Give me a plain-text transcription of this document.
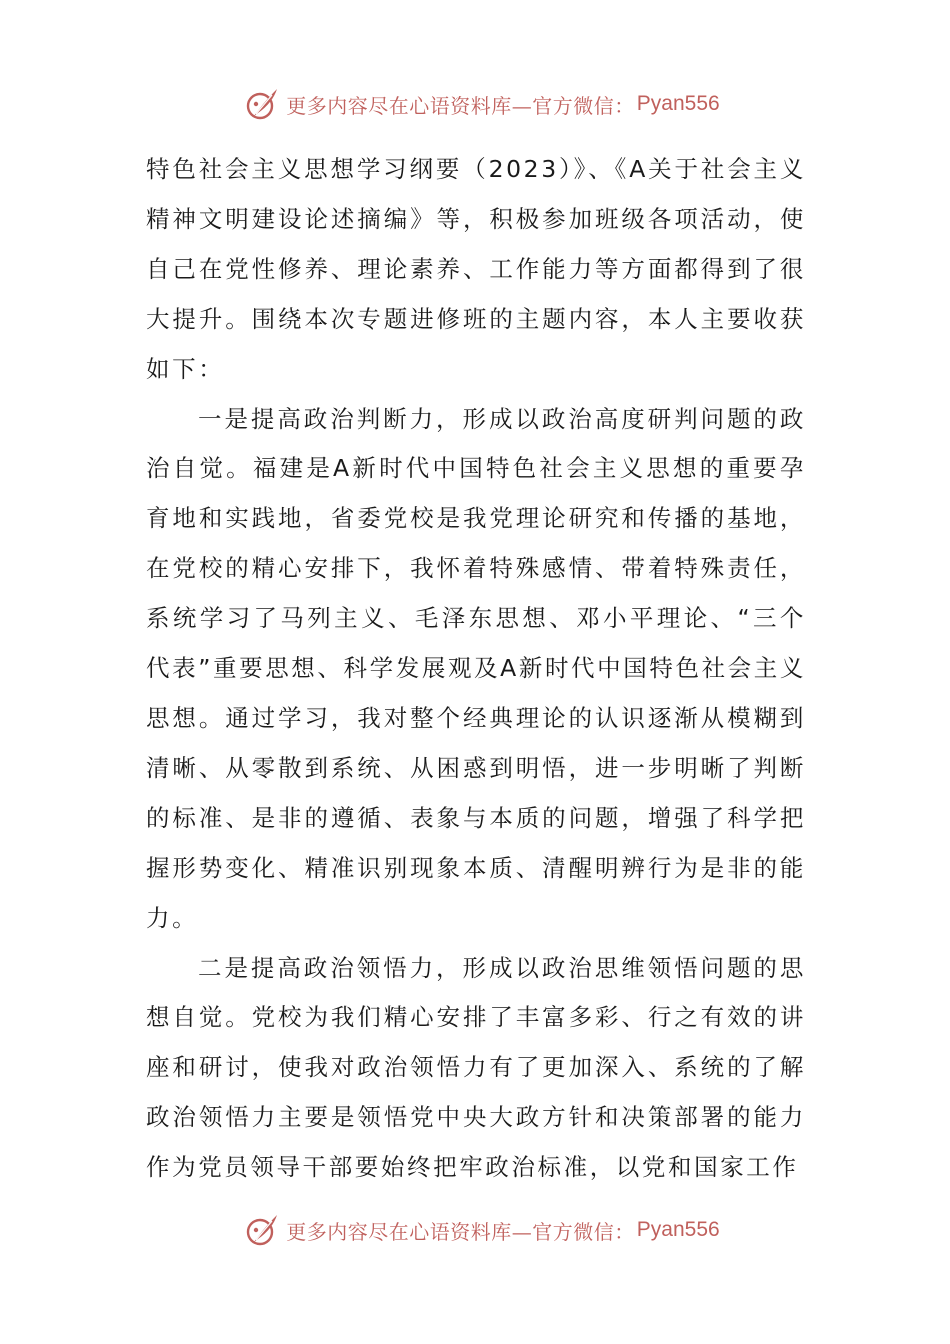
更多内容尽在心语资料库—官方微信： Pyan556

特色社会主义思想学习纲要（2023）》、《A关于社会主义精神文明建设论述摘编》等，积极参加班级各项活动，使自己在党性修养、理论素养、工作能力等方面都得到了很大提升。围绕本次专题进修班的主题内容，本人主要收获如下：

一是提高政治判断力，形成以政治高度研判问题的政治自觉。福建是A新时代中国特色社会主义思想的重要孕育地和实践地，省委党校是我党理论研究和传播的基地，在党校的精心安排下，我怀着特殊感情、带着特殊责任，系统学习了马列主义、毛泽东思想、邓小平理论、“三个代表”重要思想、科学发展观及A新时代中国特色社会主义思想。通过学习，我对整个经典理论的认识逐渐从模糊到清晰、从零散到系统、从困惑到明悟，进一步明晰了判断的标准、是非的遵循、表象与本质的问题，增强了科学把握形势变化、精准识别现象本质、清醒明辨行为是非的能力。

二是提高政治领悟力，形成以政治思维领悟问题的思想自觉。党校为我们精心安排了丰富多彩、行之有效的讲座和研讨，使我对政治领悟力有了更加深入、系统的了解政治领悟力主要是领悟党中央大政方针和决策部署的能力作为党员领导干部要始终把牢政治标准，以党和国家工作

更多内容尽在心语资料库—官方微信： Pyan556
